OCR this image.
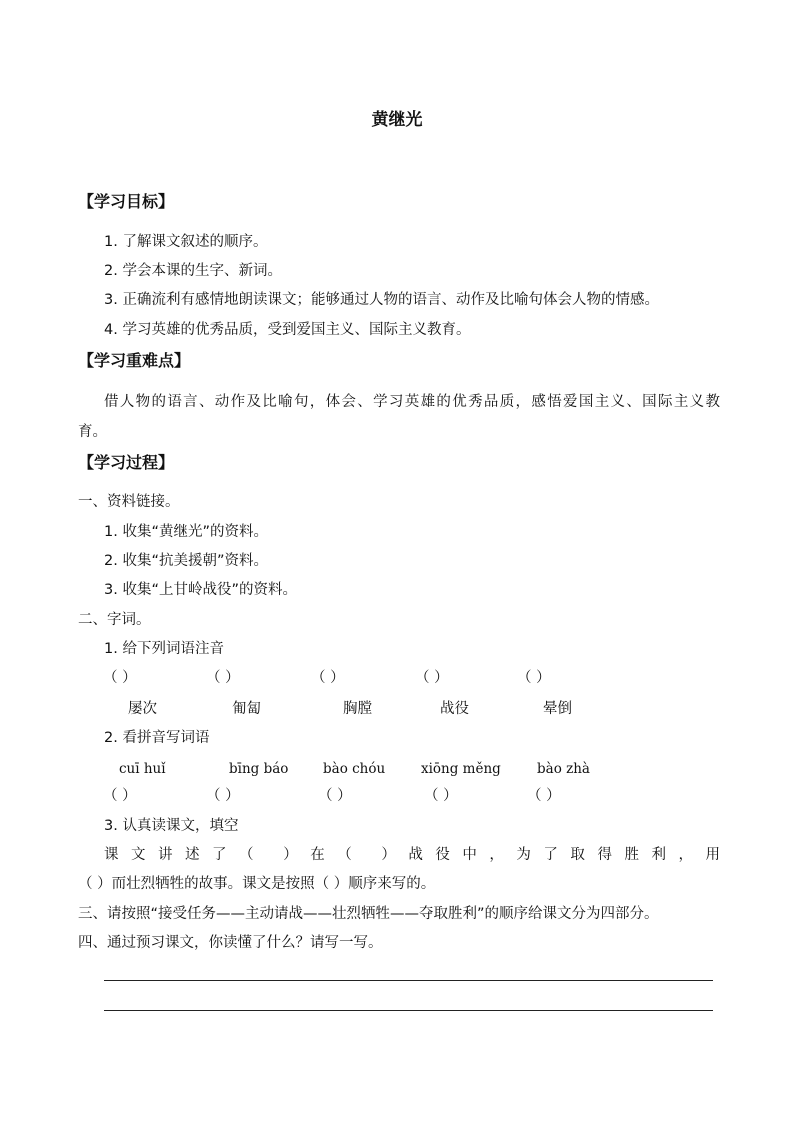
黄继光
【学习目标】
1. 了解课文叙述的顺序。
2. 学会本课的生字、新词。
3. 正确流利有感情地朗读课文；能够通过人物的语言、动作及比喻句体会人物的情感。
4. 学习英雄的优秀品质，受到爱国主义、国际主义教育。
【学习重难点】
借人物的语言、动作及比喻句，体会、学习英雄的优秀品质，感悟爱国主义、国际主义教
育。
【学习过程】
一、资料链接。
1. 收集“黄继光”的资料。
2. 收集“抗美援朝”资料。
3. 收集“上甘岭战役”的资料。
二、字词。
1. 给下列词语注音
（ ）	（ ）	（ ）	（ ）	（ ）
屡次	匍匐	胸膛	战役	晕倒
2. 看拼音写词语
cuī huǐ	bīng báo	bào chóu	xiōng měng	bào zhà
（ ）	（ ）	（ ）	（ ）	（ ）
3. 认真读课文，填空
课文讲述了（ ）在（ ）战役中，为了取得胜利，用
（ ）而壮烈牺牲的故事。课文是按照（ ）顺序来写的。
三、请按照“接受任务——主动请战——壮烈牺牲——夺取胜利”的顺序给课文分为四部分。
四、通过预习课文，你读懂了什么？请写一写。
